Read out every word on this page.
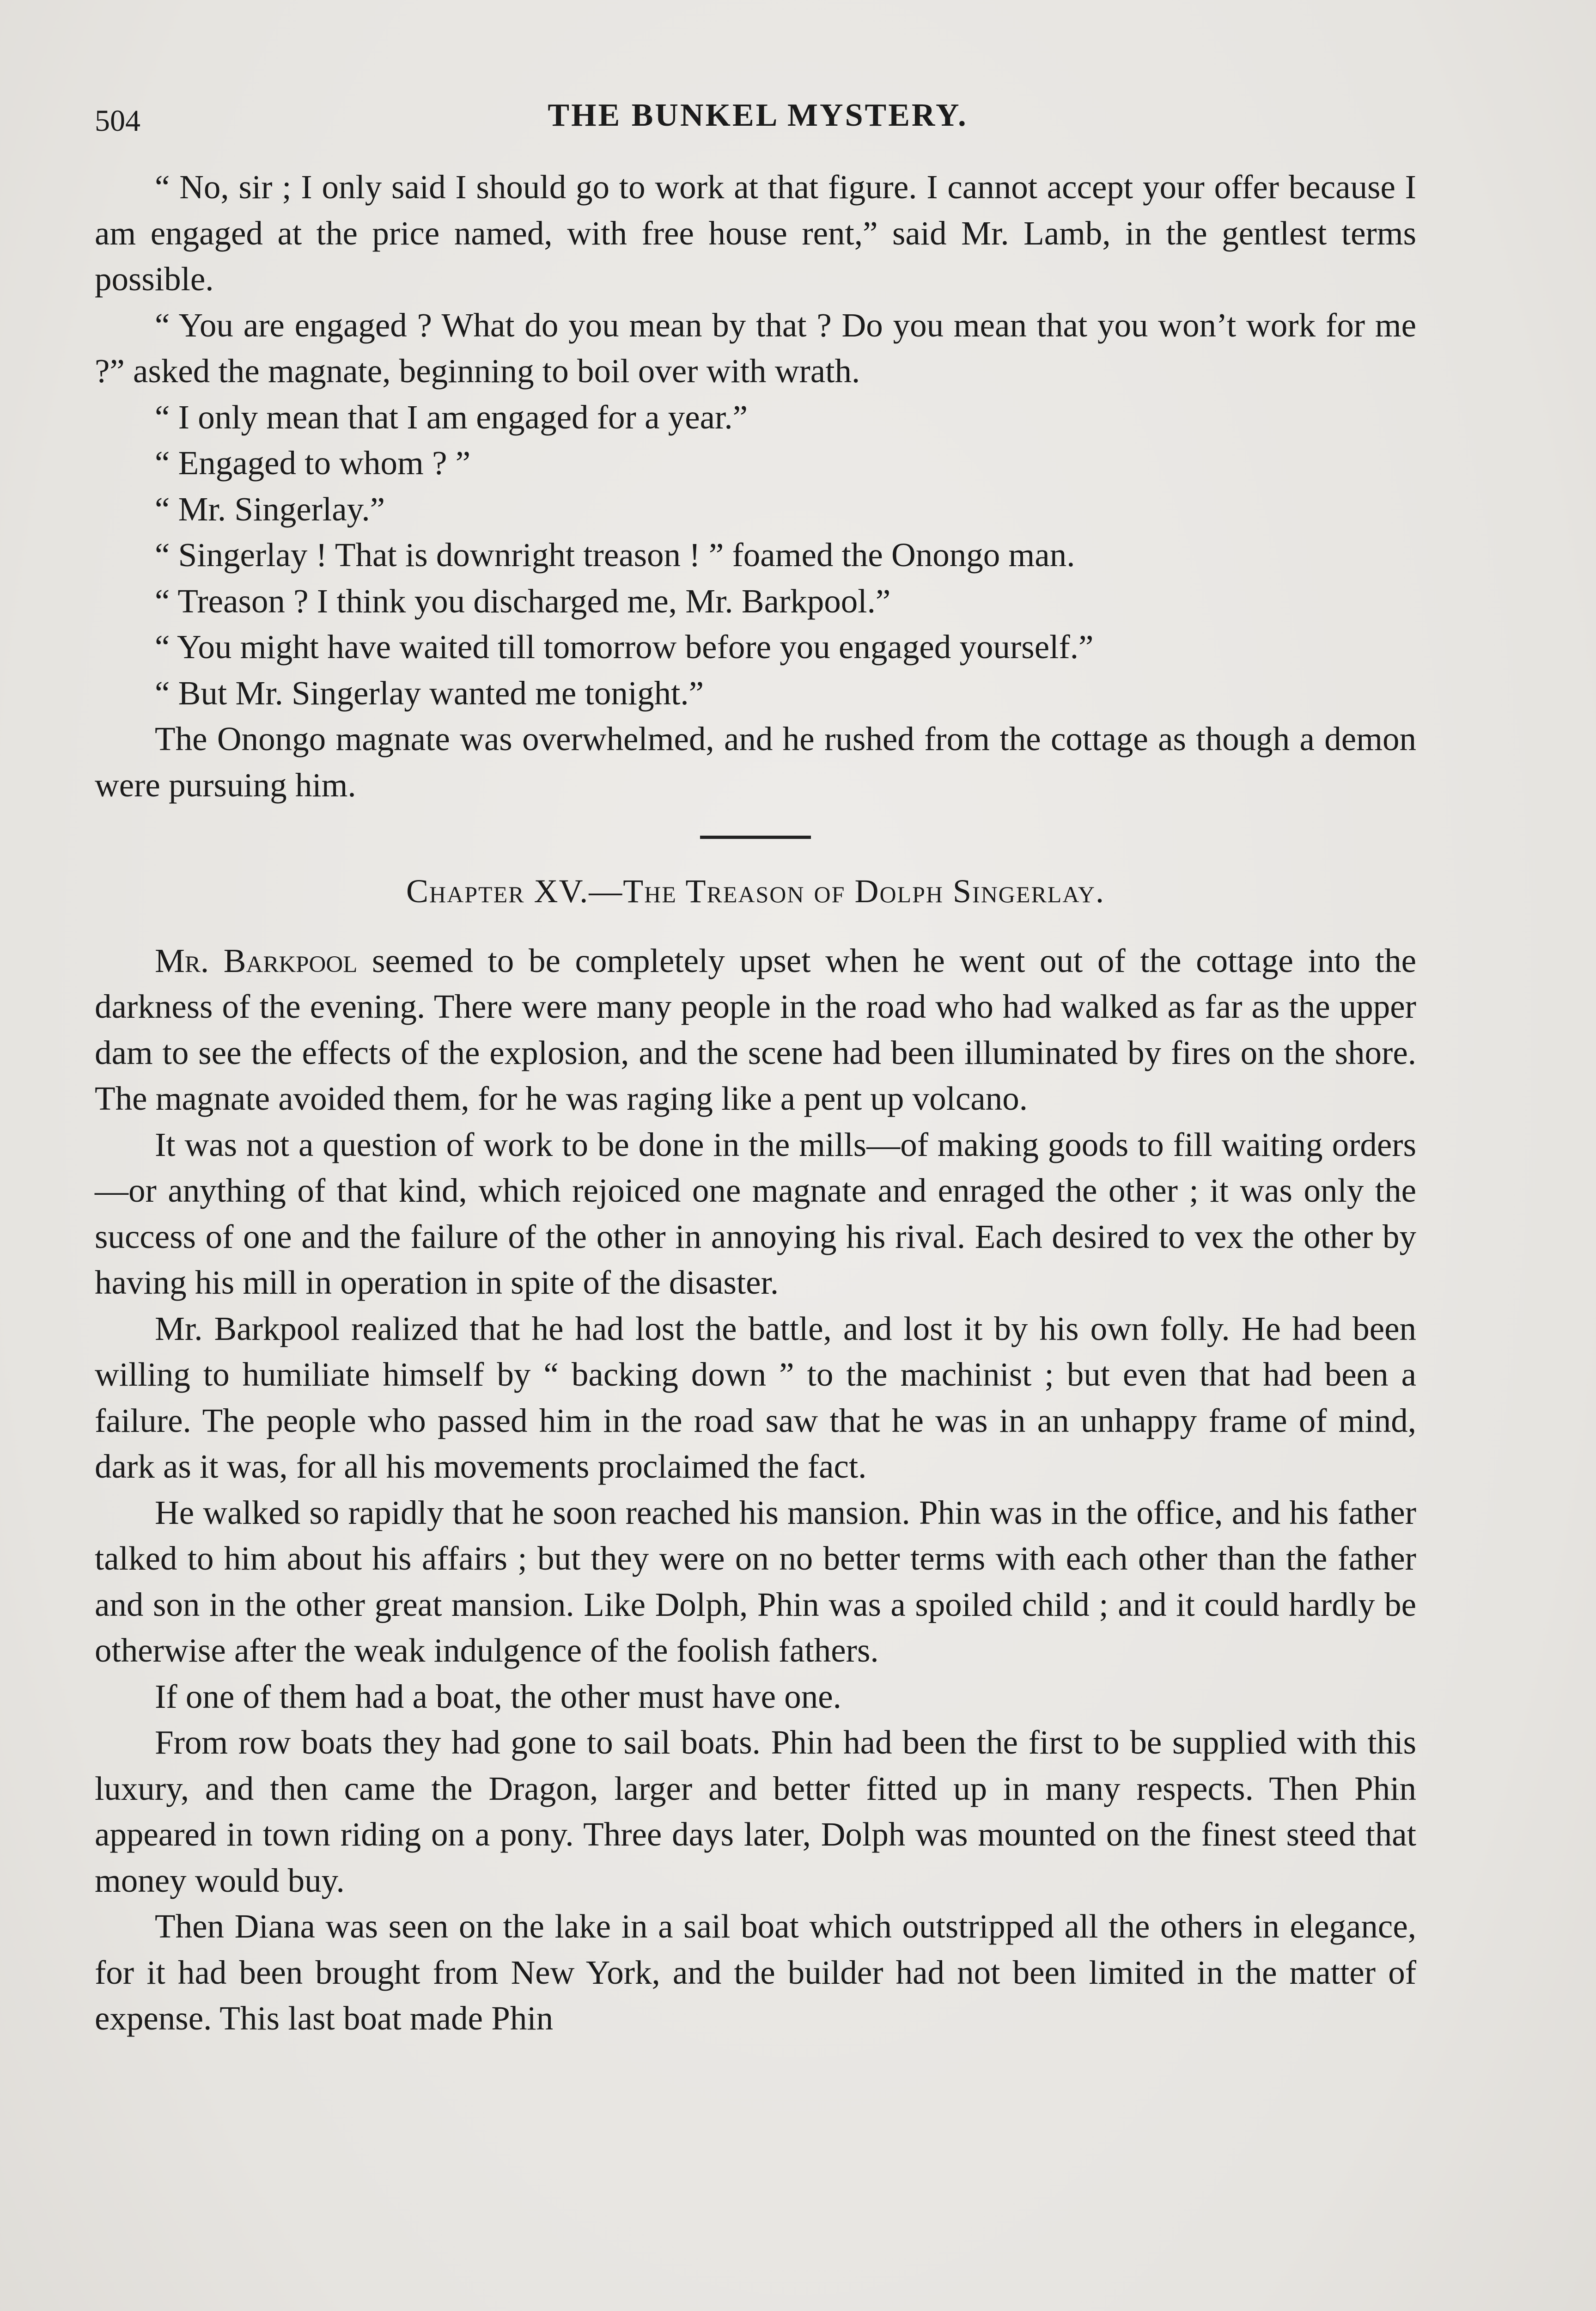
504	THE BUNKEL MYSTERY.

“ No, sir ; I only said I should go to work at that figure. I cannot accept your offer because I am engaged at the price named, with free house rent,” said Mr. Lamb, in the gentlest terms possible.

“ You are engaged ? What do you mean by that ? Do you mean that you won’t work for me ?” asked the magnate, beginning to boil over with wrath.

“ I only mean that I am engaged for a year.”

“ Engaged to whom ? ”

“ Mr. Singerlay.”

“ Singerlay ! That is downright treason ! ” foamed the Onongo man.

“ Treason ? I think you discharged me, Mr. Barkpool.”

“ You might have waited till tomorrow before you engaged yourself.”

“ But Mr. Singerlay wanted me tonight.”

The Onongo magnate was overwhelmed, and he rushed from the cottage as though a demon were pursuing him.

Chapter XV.—The Treason of Dolph Singerlay.

Mr. Barkpool seemed to be completely upset when he went out of the cottage into the darkness of the evening. There were many people in the road who had walked as far as the upper dam to see the effects of the explosion, and the scene had been illuminated by fires on the shore. The magnate avoided them, for he was raging like a pent up volcano.

It was not a question of work to be done in the mills—of making goods to fill waiting orders—or anything of that kind, which rejoiced one magnate and enraged the other ; it was only the success of one and the failure of the other in annoying his rival. Each desired to vex the other by having his mill in operation in spite of the disaster.

Mr. Barkpool realized that he had lost the battle, and lost it by his own folly. He had been willing to humiliate himself by “ backing down ” to the machinist ; but even that had been a failure. The people who passed him in the road saw that he was in an unhappy frame of mind, dark as it was, for all his movements proclaimed the fact.

He walked so rapidly that he soon reached his mansion. Phin was in the office, and his father talked to him about his affairs ; but they were on no better terms with each other than the father and son in the other great mansion. Like Dolph, Phin was a spoiled child ; and it could hardly be otherwise after the weak indulgence of the foolish fathers.

If one of them had a boat, the other must have one.

From row boats they had gone to sail boats. Phin had been the first to be supplied with this luxury, and then came the Dragon, larger and better fitted up in many respects. Then Phin appeared in town riding on a pony. Three days later, Dolph was mounted on the finest steed that money would buy.

Then Diana was seen on the lake in a sail boat which outstripped all the others in elegance, for it had been brought from New York, and the builder had not been limited in the matter of expense. This last boat made Phin
